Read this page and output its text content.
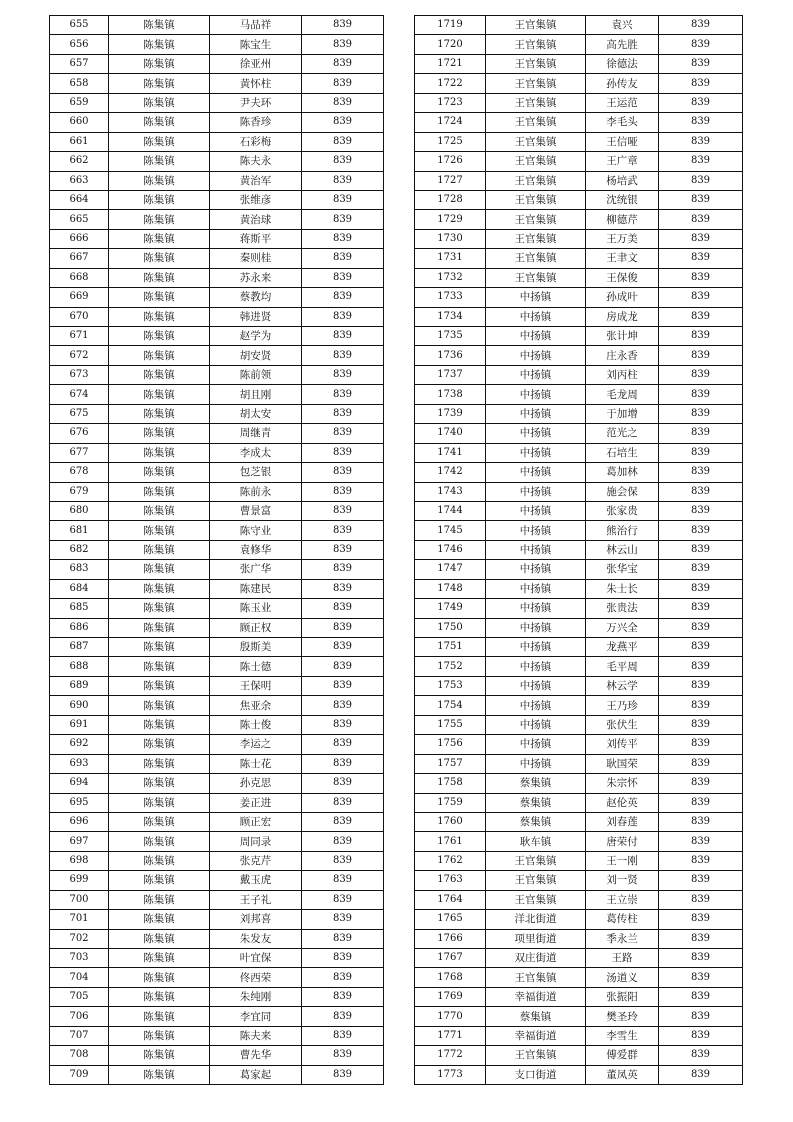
655	陈集镇	马品祥	839
656	陈集镇	陈宝生	839
657	陈集镇	徐亚州	839
658	陈集镇	黄怀柱	839
659	陈集镇	尹夫环	839
660	陈集镇	陈香珍	839
661	陈集镇	石彩梅	839
662	陈集镇	陈夫永	839
663	陈集镇	黄治军	839
664	陈集镇	张维彦	839
665	陈集镇	黄治球	839
666	陈集镇	蒋斯平	839
667	陈集镇	秦则桂	839
668	陈集镇	苏永来	839
669	陈集镇	蔡教均	839
670	陈集镇	韩进贤	839
671	陈集镇	赵学为	839
672	陈集镇	胡安贤	839
673	陈集镇	陈前领	839
674	陈集镇	胡且刚	839
675	陈集镇	胡太安	839
676	陈集镇	周继青	839
677	陈集镇	李成太	839
678	陈集镇	包芝银	839
679	陈集镇	陈前永	839
680	陈集镇	曹景富	839
681	陈集镇	陈守业	839
682	陈集镇	袁修华	839
683	陈集镇	张广华	839
684	陈集镇	陈建民	839
685	陈集镇	陈玉业	839
686	陈集镇	顾正权	839
687	陈集镇	殷斯美	839
688	陈集镇	陈士德	839
689	陈集镇	王保明	839
690	陈集镇	焦亚余	839
691	陈集镇	陈士俊	839
692	陈集镇	李运之	839
693	陈集镇	陈士花	839
694	陈集镇	孙克思	839
695	陈集镇	姜正进	839
696	陈集镇	顾正宏	839
697	陈集镇	周同录	839
698	陈集镇	张克芹	839
699	陈集镇	戴玉虎	839
700	陈集镇	王子礼	839
701	陈集镇	刘邦喜	839
702	陈集镇	朱发友	839
703	陈集镇	叶宜保	839
704	陈集镇	佟西荣	839
705	陈集镇	朱纯刚	839
706	陈集镇	李宜同	839
707	陈集镇	陈夫来	839
708	陈集镇	曹先华	839
709	陈集镇	葛家起	839
1719	王官集镇	袁兴	839
1720	王官集镇	高先胜	839
1721	王官集镇	徐德法	839
1722	王官集镇	孙传友	839
1723	王官集镇	王运范	839
1724	王官集镇	李毛头	839
1725	王官集镇	王信哑	839
1726	王官集镇	王广章	839
1727	王官集镇	杨培武	839
1728	王官集镇	沈统银	839
1729	王官集镇	柳德芹	839
1730	王官集镇	王万美	839
1731	王官集镇	王聿文	839
1732	王官集镇	王保俊	839
1733	中扬镇	孙成叶	839
1734	中扬镇	房成龙	839
1735	中扬镇	张计坤	839
1736	中扬镇	庄永香	839
1737	中扬镇	刘丙柱	839
1738	中扬镇	毛龙周	839
1739	中扬镇	于加增	839
1740	中扬镇	范光之	839
1741	中扬镇	石培生	839
1742	中扬镇	葛加林	839
1743	中扬镇	施会保	839
1744	中扬镇	张家贵	839
1745	中扬镇	熊治行	839
1746	中扬镇	林云山	839
1747	中扬镇	张华宝	839
1748	中扬镇	朱士长	839
1749	中扬镇	张贵法	839
1750	中扬镇	万兴全	839
1751	中扬镇	龙燕平	839
1752	中扬镇	毛平周	839
1753	中扬镇	林云学	839
1754	中扬镇	王乃珍	839
1755	中扬镇	张伏生	839
1756	中扬镇	刘传平	839
1757	中扬镇	耿国荣	839
1758	蔡集镇	朱宗怀	839
1759	蔡集镇	赵伦英	839
1760	蔡集镇	刘春莲	839
1761	耿车镇	唐荣付	839
1762	王官集镇	王一刚	839
1763	王官集镇	刘一贤	839
1764	王官集镇	王立崇	839
1765	洋北街道	葛传柱	839
1766	项里街道	季永兰	839
1767	双庄街道	王路	839
1768	王官集镇	汤道义	839
1769	幸福街道	张振阳	839
1770	蔡集镇	樊圣玲	839
1771	幸福街道	李雪生	839
1772	王官集镇	傅爱群	839
1773	支口街道	董凤英	839
